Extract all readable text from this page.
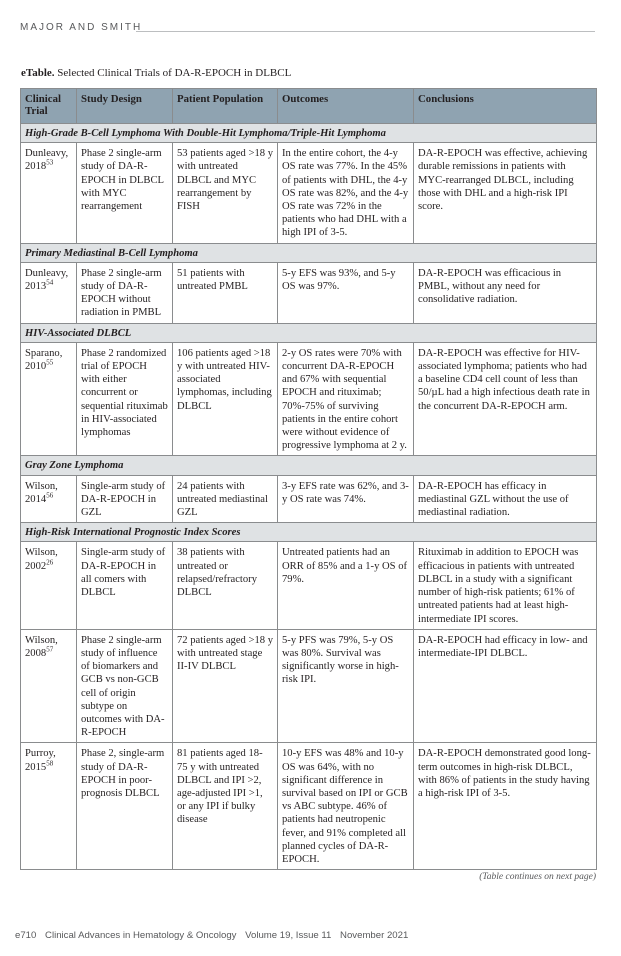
MAJOR AND SMITH
eTable. Selected Clinical Trials of DA-R-EPOCH in DLBCL
Clinical Trial	Study Design	Patient Population	Outcomes	Conclusions
High-Grade B-Cell Lymphoma With Double-Hit Lymphoma/Triple-Hit Lymphoma				
Dunleavy, 2018$^{53}$	Phase 2 single-arm study of DA-R-EPOCH in DLBCL with MYC rearrangement	53 patients aged >18 y with untreated DLBCL and MYC rearrangement by FISH	In the entire cohort, the 4-y OS rate was 77%. In the 45% of patients with DHL, the 4-y OS rate was 82%, and the 4-y OS rate was 72% in the patients who had DHL with a high IPI of 3-5.	DA-R-EPOCH was effective, achieving durable remissions in patients with MYC-rearranged DLBCL, including those with DHL and a high-risk IPI score.
Primary Mediastinal B-Cell Lymphoma				
Dunleavy, 2013$^{54}$	Phase 2 single-arm study of DA-R-EPOCH without radiation in PMBL	51 patients with untreated PMBL	5-y EFS was 93%, and 5-y OS was 97%.	DA-R-EPOCH was efficacious in PMBL, without any need for consolidative radiation.
HIV-Associated DLBCL				
Sparano, 2010$^{55}$	Phase 2 randomized trial of EPOCH with either concurrent or sequential rituximab in HIV-associated lymphomas	106 patients aged >18 y with untreated HIV-associated lymphomas, including DLBCL	2-y OS rates were 70% with concurrent DA-R-EPOCH and 67% with sequential EPOCH and rituximab; 70%-75% of surviving patients in the entire cohort were without evidence of progressive lymphoma at 2 y.	DA-R-EPOCH was effective for HIV-associated lymphoma; patients who had a baseline CD4 cell count of less than 50/µL had a high infectious death rate in the concurrent DA-R-EPOCH arm.
Gray Zone Lymphoma				
Wilson, 2014$^{56}$	Single-arm study of DA-R-EPOCH in GZL	24 patients with untreated mediastinal GZL	3-y EFS rate was 62%, and 3-y OS rate was 74%.	DA-R-EPOCH has efficacy in mediastinal GZL without the use of mediastinal radiation.
High-Risk International Prognostic Index Scores				
Wilson, 2002$^{26}$	Single-arm study of DA-R-EPOCH in all comers with DLBCL	38 patients with untreated or relapsed/refractory DLBCL	Untreated patients had an ORR of 85% and a 1-y OS of 79%.	Rituximab in addition to EPOCH was efficacious in patients with untreated DLBCL in a study with a significant number of high-risk patients; 61% of untreated patients had at least high-intermediate IPI scores.
Wilson, 2008$^{57}$	Phase 2 single-arm study of influence of biomarkers and GCB vs non-GCB cell of origin subtype on outcomes with DA-R-EPOCH	72 patients aged >18 y with untreated stage II-IV DLBCL	5-y PFS was 79%, 5-y OS was 80%. Survival was significantly worse in high-risk IPI.	DA-R-EPOCH had efficacy in low- and intermediate-IPI DLBCL.
Purroy, 2015$^{58}$	Phase 2, single-arm study of DA-R-EPOCH in poor-prognosis DLBCL	81 patients aged 18-75 y with untreated DLBCL and IPI >2, age-adjusted IPI >1, or any IPI if bulky disease	10-y EFS was 48% and 10-y OS was 64%, with no significant difference in survival based on IPI or GCB vs ABC subtype. 46% of patients had neutropenic fever, and 91% completed all planned cycles of DA-R-EPOCH.	DA-R-EPOCH demonstrated good long-term outcomes in high-risk DLBCL, with 86% of patients in the study having a high-risk IPI of 3-5.
(Table continues on next page)
e710 Clinical Advances in Hematology & Oncology Volume 19, Issue 11 November 2021
